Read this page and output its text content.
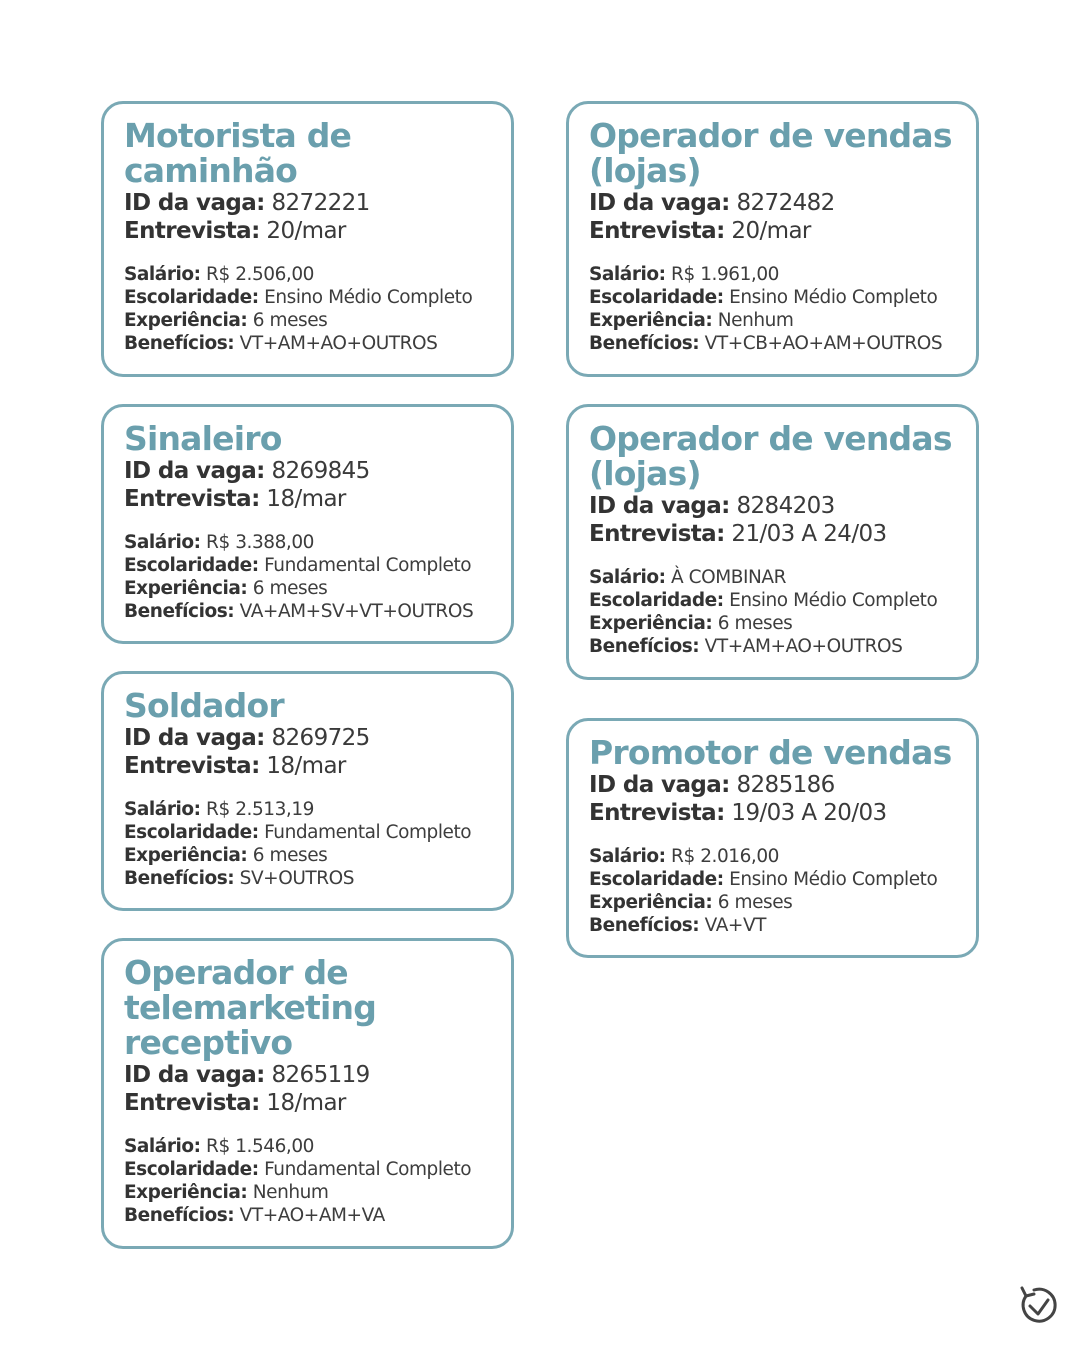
Motorista de
caminhão
ID da vaga: 8272221
Entrevista: 20/mar
Salário: R$ 2.506,00
Escolaridade: Ensino Médio Completo
Experiência: 6 meses
Benefícios: VT+AM+AO+OUTROS
Operador de vendas
(lojas)
ID da vaga: 8272482
Entrevista: 20/mar
Salário: R$ 1.961,00
Escolaridade: Ensino Médio Completo
Experiência: Nenhum
Benefícios: VT+CB+AO+AM+OUTROS
Sinaleiro
ID da vaga: 8269845
Entrevista: 18/mar
Salário: R$ 3.388,00
Escolaridade: Fundamental Completo
Experiência: 6 meses
Benefícios: VA+AM+SV+VT+OUTROS
Operador de vendas
(lojas)
ID da vaga: 8284203
Entrevista: 21/03 A 24/03
Salário: À COMBINAR
Escolaridade: Ensino Médio Completo
Experiência: 6 meses
Benefícios: VT+AM+AO+OUTROS
Soldador
ID da vaga: 8269725
Entrevista: 18/mar
Salário: R$ 2.513,19
Escolaridade: Fundamental Completo
Experiência: 6 meses
Benefícios: SV+OUTROS
Promotor de vendas
ID da vaga: 8285186
Entrevista: 19/03 A 20/03
Salário: R$ 2.016,00
Escolaridade: Ensino Médio Completo
Experiência: 6 meses
Benefícios: VA+VT
Operador de
telemarketing
receptivo
ID da vaga: 8265119
Entrevista: 18/mar
Salário: R$ 1.546,00
Escolaridade: Fundamental Completo
Experiência: Nenhum
Benefícios: VT+AO+AM+VA
